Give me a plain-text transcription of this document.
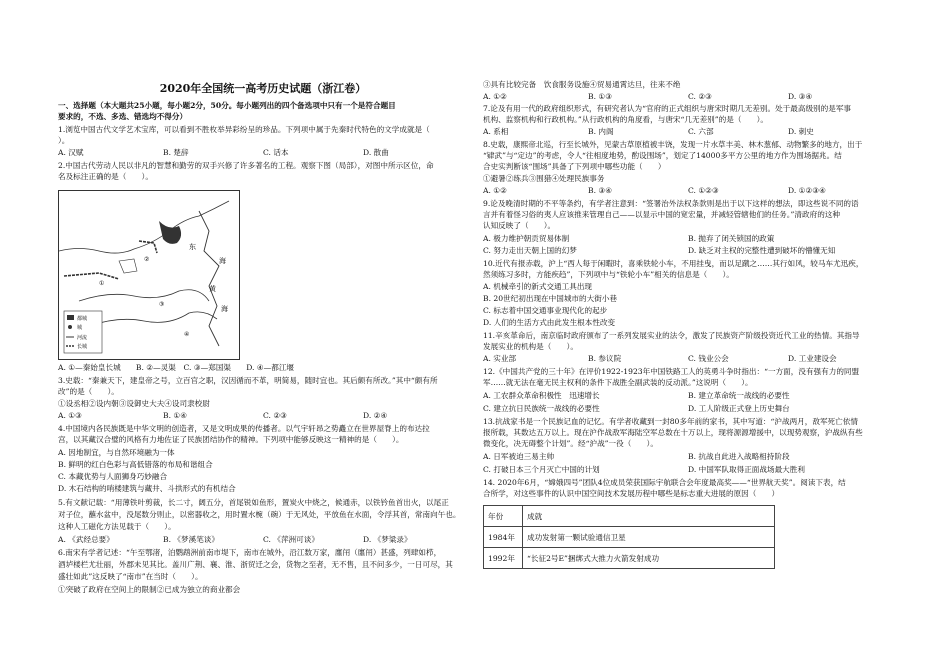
2020年全国统一高考历史试题（浙江卷）
一、选择题（本大题共25小题，每小题2分，50分。每小题列出的四个备选项中只有一个是符合题目
要求的，不选、多选、错选均不得分）
1.浏览中国古代文学艺术宝库，可以看到不胜枚举异彩纷呈的珍品。下列项中属于先秦时代特色的文学成就是（
）。
A. 汉赋	B. 楚辞	C. 话本	D. 散曲
2.中国古代劳动人民以非凡的智慧和勤劳的双手兴修了许多著名的工程。观察下图（局部），对图中所示区位，命
名及标注正确的是（　　）。
都城
城
河流
长城
东
海
黄
海
①
②
③
④
A. ①—秦始皇长城　　B. ②—灵渠　C. ③—郑国渠　　D. ④—都江堰
3.史载：“秦兼天下，建皇帝之号，立百官之职，汉因循而不革，明简易，随时宜也。其后颇有所改。”其中“颇有所
改”的是（　　）。
①设丞相②设内朝③设御史大夫④设司隶校尉
A. ①③	B. ①④	C. ②③	D. ②④
4.中国境内各民族既是中华文明的创造者，又是文明成果的传播者。以气宇轩昂之势矗立在世界屋脊上的布达拉
宫，以其藏汉合璧的风格有力地佐证了民族团结协作的精神。下列项中能够反映这一精神的是（　　）。
A. 因地制宜，与自然环境融为一体
B. 鲜明的红白色彩与高低错落的布局和谐组合
C. 本藏优势与人面狮身巧妙融合
D. 木石结构的哨楼建筑与藏井、斗拱形式的有机结合
5.有文献记载：“用薄铁叶剪裁，长二寸，阔五分，首尾锐如鱼形，置炭火中烧之，候通赤，以铁钤鱼首出火，以尾正
对子位，蘸水盆中，没尾数分则止，以密器收之，用时置水椀（碗）于无风处，平放鱼在水面，令浮其首，常南向午也。
这种人工磁化方法见载于（　　）。
A. 《武经总要》	B. 《梦溪笔谈》	C. 《萍洲可谈》	D. 《梦粱录》
6.南宋有学者记述：“午至鄂渚，泊鹦鹉洲前南市堤下，南市在城外，沿江数万家，廛闬（廛闬）甚盛，列肆如栉，
酒垆楼栏尤壮丽，外郡未见其比。盖川广荆、襄、淮、浙贸迁之会，货物之至者，无不售，且不问多少，一日可尽，其
盛壮如此”这反映了“南市”在当时（　　）。
①突破了政府在空间上的限制②已成为独立的商业都会
③具有比较完备　饮食服务设施④贸易通霄达旦，往来不绝
A. ①②	B. ①③	C. ②③	D. ③④
7.论及有用一代的政府组织形式，有研究者认为“官府的正式组织与唐宋时期几无差别。处于最高级别的是军事
机构、监察机构和行政机构。”从行政机构的角度看，与唐宋“几无差别”的是（　　）。
A. 系相	B. 内阁	C. 六部	D. 刺史
8.史载，康熙帝北巡，行至长城外，见蒙古草原植被丰饶，发现一片水草丰美、林木葱郁、动物繁多的地方，出于
“肄武”与“定边”的考虑，令人“往相度地势，酌设围场”，划定了14000多平方公里的地方作为围场据兆。结
合史实判断该“围场”具备了下列项中哪些功能（　　）
①避暑②练兵③围猎④处理民族事务
A. ①②	B. ③④	C. ①②③	D. ①②③④
9.论及晚清时期的不平等条约，有学者注意到：“签署治外法权条款则是出于以下这样的想法，即这些说不同的语
言并有着怪习俗的夷人应该推来管理自己——以显示中国的宽宏量，并减轻管辖他们的任务。”清政府的这种
认知反映了（　　）。
A. 极力维护朝贡贸易体制	B. 抛弃了闭关锁国的政策
C. 努力走出天朝上国的幻梦	D. 缺乏对主权的完整性遭到破坏的懵懂无知
10.近代有报赤载，沪上“西人每于闲暇时，喜乘铁轮小车，不用挂曳，而以足蹴之……其行如风，较马车尤迅疾，
然须练习多时，方能疾趋”，下列项中与“铁轮小车”相关的信息是（　　）。
A. 机械牵引的新式交通工具出现
B. 20世纪初出现在中国城市的大街小巷
C. 标志着中国交通事业现代化的起步
D. 人们的生活方式由此发生根本性改变
11.辛亥革命后，南京临时政府颁布了一系列发展实业的法令，激发了民族资产阶级投资近代工业的热情。其指导
发展实业的机构是（　　）。
A. 实业部	B. 参议院	C. 钱业公会	D. 工业建设会
12.《中国共产党的三十年》在评价1922-1923年中国铁路工人的英勇斗争时指出：“一方面，没有强有力的同盟
军……就无法在毫无民主权利的条件下战胜全副武装的反动派。”这说明（　　）。
A. 工农群众革命积极性　迅速增长	B. 建立革命统一战线的必要性
C. 建立抗日民族统一战线的必要性	D. 工人阶级正式登上历史舞台
13.抗战家书是一个民族记血的记忆。有学者收藏到一封80多年前的家书，其中写道：“沪战两月，敌军死亡依情
报所载，其数达五万以上。现在沪作战敌军海陆空军总数在十万以上，现将源源增援中，以现势观察，沪战纵有些
微变化，决无碍整个计划”。经“沪战”一役（　　）。
A. 日军被迫三易主帅	B. 抗战自此进入战略相持阶段
C. 打破日本三个月灭亡中国的计划	D. 中国军队取得正面战场最大胜利
14. 2020年6月，“嫦娥四号”团队4位成员荣获国际宇航联合会年度最高奖——“世界航天奖”。阅读下表，结
合所学，对这些事件的认识中国空间技术发展历程中哪些是标志重大进展的原因（　　）
年份	成就
1984年	成功发射第一颗试验通信卫星
1992年	“长征2号E”捆绑式大推力火箭发射成功
